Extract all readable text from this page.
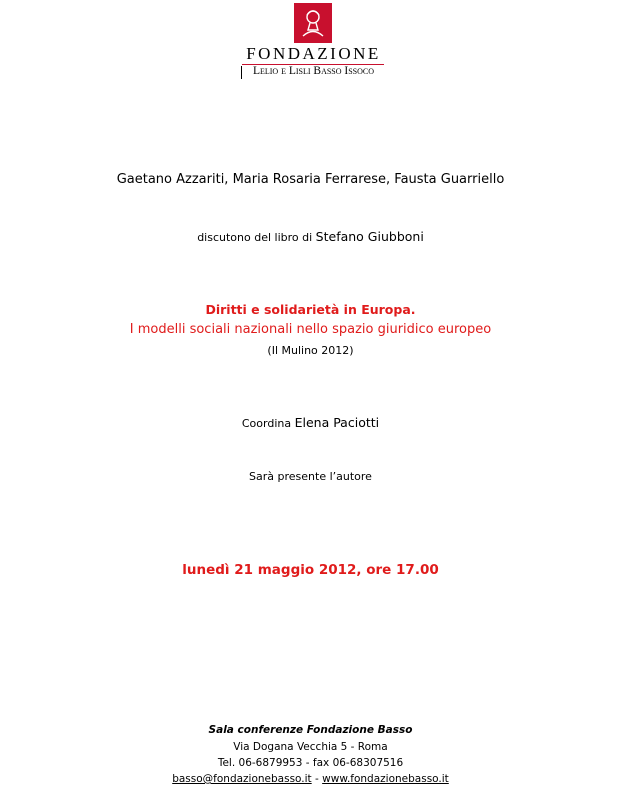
FONDAZIONE
Lelio e Lisli Basso Issoco
Gaetano Azzariti, Maria Rosaria Ferrarese, Fausta Guarriello
discutono del libro di Stefano Giubboni
Diritti e solidarietà in Europa.
I modelli sociali nazionali nello spazio giuridico europeo
(Il Mulino 2012)
Coordina Elena Paciotti
Sarà presente l’autore
lunedì 21 maggio 2012, ore 17.00
Sala conferenze Fondazione Basso
Via Dogana Vecchia 5 - Roma
Tel. 06-6879953 - fax 06-68307516
basso@fondazionebasso.it - www.fondazionebasso.it
